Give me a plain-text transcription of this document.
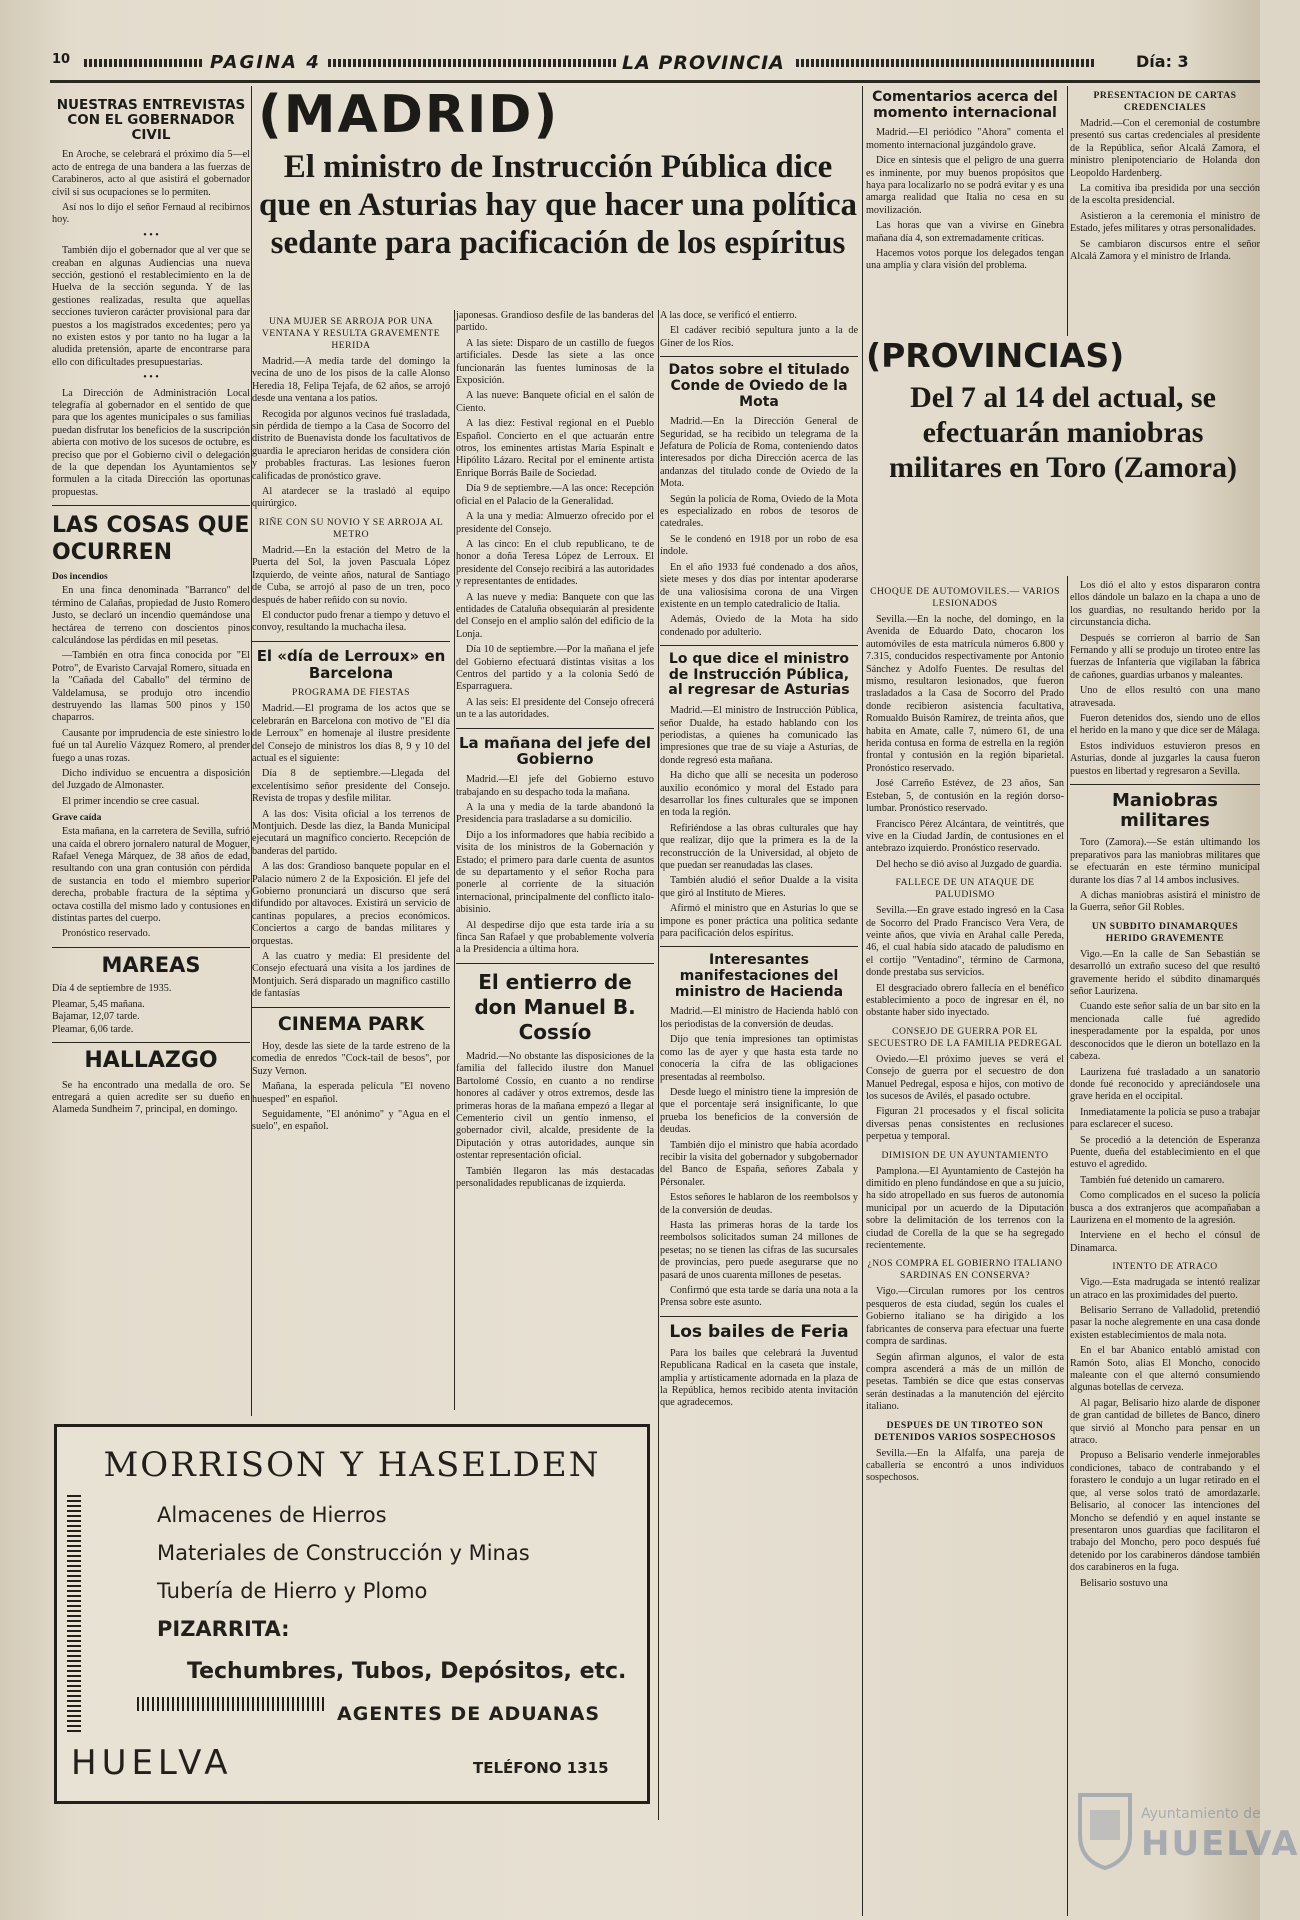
10	PAGINA 4	LA PROVINCIA	Día: 3
NUESTRAS ENTREVISTAS CON EL GOBERNADOR CIVIL

En Aroche, se celebrará el próximo día 5—el acto de entrega de una bandera a las fuerzas de Carabineros, acto al que asistirá el gobernador civil si sus ocupaciones se lo permiten.

Así nos lo dijo el señor Fernaud al recibirnos hoy.

• • •

También dijo el gobernador que al ver que se creaban en algunas Audiencias una nueva sección, gestionó el restablecimiento en la de Huelva de la sección segunda. Y de las gestiones realizadas, resulta que aquellas secciones tuvieron carácter provisional para dar puestos a los magistrados excedentes; pero ya no existen estos y por tanto no ha lugar a la aludida pretensión, aparte de encontrarse para ello con dificultades presupuestarias.

• • •

La Dirección de Administración Local telegrafía al gobernador en el sentido de que para que los agentes municipales o sus familias puedan disfrutar los beneficios de la suscripción abierta con motivo de los sucesos de octubre, es preciso que por el Gobierno civil o delegación de la que dependan los Ayuntamientos se formulen a la citada Dirección las oportunas propuestas.

LAS COSAS QUE OCURREN
Dos incendios

En una finca denominada "Barranco" del término de Calañas, propiedad de Justo Romero Justo, se declaró un incendio quemándose una hectárea de terreno con doscientos pinos calculándose las pérdidas en mil pesetas.

—También en otra finca conocida por "El Potro", de Evaristo Carvajal Romero, situada en la "Cañada del Caballo" del término de Valdelamusa, se produjo otro incendio destruyendo las llamas 500 pinos y 150 chaparros.

Causante por imprudencia de este siniestro lo fué un tal Aurelio Vázquez Romero, al prender fuego a unas rozas.

Dicho individuo se encuentra a disposición del Juzgado de Almonaster.

El primer incendio se cree casual.

Grave caída

Esta mañana, en la carretera de Sevilla, sufrió una caída el obrero jornalero natural de Moguer, Rafael Venega Márquez, de 38 años de edad, resultando con una gran contusión con pérdida de sustancia en todo el miembro superior derecha, probable fractura de la séptima y octava costilla del mismo lado y contusiones en distintas partes del cuerpo.

Pronóstico reservado.

MAREAS

Día 4 de septiembre de 1935.

Pleamar, 5,45 mañana.

Bajamar, 12,07 tarde.

Pleamar, 6,06 tarde.

HALLAZGO

Se ha encontrado una medalla de oro. Se entregará a quien acredite ser su dueño en Alameda Sundheim 7, principal, en domingo.

(MADRID)
El ministro de Instrucción Pública dice que en Asturias hay que hacer una política sedante para pacificación de los espíritus
UNA MUJER SE ARROJA POR UNA VENTANA Y RESULTA GRAVEMENTE HERIDA

Madrid.—A media tarde del domingo la vecina de uno de los pisos de la calle Alonso Heredia 18, Felipa Tejafa, de 62 años, se arrojó desde una ventana a los patios.

Recogida por algunos vecinos fué trasladada, sin pérdida de tiempo a la Casa de Socorro del distrito de Buenavista donde los facultativos de guardia le apreciaron heridas de considera ción y probables fracturas. Las lesiones fueron calificadas de pronóstico grave.

Al atardecer se la trasladó al equipo quirúrgico.

RIÑE CON SU NOVIO Y SE ARROJA AL METRO

Madrid.—En la estación del Metro de la Puerta del Sol, la joven Pascuala López Izquierdo, de veinte años, natural de Santiago de Cuba, se arrojó al paso de un tren, poco después de haber reñido con su novio.

El conductor pudo frenar a tiempo y detuvo el convoy, resultando la muchacha ilesa.

El «día de Lerroux» en Barcelona
PROGRAMA DE FIESTAS

Madrid.—El programa de los actos que se celebrarán en Barcelona con motivo de "El día de Lerroux" en homenaje al ilustre presidente del Consejo de ministros los días 8, 9 y 10 del actual es el siguiente:

Día 8 de septiembre.—Llegada del excelentísimo señor presidente del Consejo. Revista de tropas y desfile militar.

A las dos: Visita oficial a los terrenos de Montjuich. Desde las diez, la Banda Municipal ejecutará un magnífico concierto. Recepción de banderas del partido.

A las dos: Grandioso banquete popular en el Palacio número 2 de la Exposición. El jefe del Gobierno pronunciará un discurso que será difundido por altavoces. Existirá un servicio de cantinas populares, a precios económicos. Conciertos a cargo de bandas militares y orquestas.

A las cuatro y media: El presidente del Consejo efectuará una visita a los jardines de Montjuich. Será disparado un magnífico castillo de fantasías

CINEMA PARK

Hoy, desde las siete de la tarde estreno de la comedia de enredos "Cock-tail de besos", por Suzy Vernon.

Mañana, la esperada película "El noveno huesped" en español.

Seguidamente, "El anónimo" y "Agua en el suelo", en español.

japonesas. Grandioso desfile de las banderas del partido.

A las siete: Disparo de un castillo de fuegos artificiales. Desde las siete a las once funcionarán las fuentes luminosas de la Exposición.

A las nueve: Banquete oficial en el salón de Ciento.

A las diez: Festival regional en el Pueblo Español. Concierto en el que actuarán entre otros, los eminentes artistas María Espinalt e Hipólito Lázaro. Recital por el eminente artista Enrique Borrás Baile de Sociedad.

Día 9 de septiembre.—A las once: Recepción oficial en el Palacio de la Generalidad.

A la una y media: Almuerzo ofrecido por el presidente del Consejo.

A las cinco: En el club republicano, te de honor a doña Teresa López de Lerroux. El presidente del Consejo recibirá a las autoridades y representantes de entidades.

A las nueve y media: Banquete con que las entidades de Cataluña obsequiarán al presidente del Consejo en el amplio salón del edificio de la Lonja.

Día 10 de septiembre.—Por la mañana el jefe del Gobierno efectuará distintas visitas a los Centros del partido y a la colonia Sedó de Esparraguera.

A las seis: El presidente del Consejo ofrecerá un te a las autoridades.

La mañana del jefe del Gobierno

Madrid.—El jefe del Gobierno estuvo trabajando en su despacho toda la mañana.

A la una y media de la tarde abandonó la Presidencia para trasladarse a su domicilio.

Dijo a los informadores que había recibido a visita de los ministros de la Gobernación y Estado; el primero para darle cuenta de asuntos de su departamento y el señor Rocha para ponerle al corriente de la situación internacional, principalmente del conflicto italo-abisinio.

Al despedirse dijo que esta tarde iría a su finca San Rafael y que probablemente volvería a la Presidencia a última hora.

El entierro de don Manuel B. Cossío

Madrid.—No obstante las disposiciones de la familia del fallecido ilustre don Manuel Bartolomé Cossío, en cuanto a no rendirse honores al cadáver y otros extremos, desde las primeras horas de la mañana empezó a llegar al Cementerio civil un gentío inmenso, el gobernador civil, alcalde, presidente de la Diputación y otras autoridades, aunque sin ostentar representación oficial.

También llegaron las más destacadas personalidades republicanas de izquierda.

A las doce, se verificó el entierro.

El cadáver recibió sepultura junto a la de Giner de los Ríos.

Datos sobre el titulado Conde de Oviedo de la Mota

Madrid.—En la Dirección General de Seguridad, se ha recibido un telegrama de la Jefatura de Policía de Roma, conteniendo datos interesados por dicha Dirección acerca de las andanzas del titulado conde de Oviedo de la Mota.

Según la policía de Roma, Oviedo de la Mota es especializado en robos de tesoros de catedrales.

Se le condenó en 1918 por un robo de esa índole.

En el año 1933 fué condenado a dos años, siete meses y dos días por intentar apoderarse de una valiosísima corona de una Virgen existente en un templo catedralicio de Italia.

Además, Oviedo de la Mota ha sido condenado por adulterio.

Lo que dice el ministro de Instrucción Pública, al regresar de Asturias

Madrid.—El ministro de Instrucción Pública, señor Dualde, ha estado hablando con los periodistas, a quienes ha comunicado las impresiones que trae de su viaje a Asturias, de donde regresó esta mañana.

Ha dicho que allí se necesita un poderoso auxilio económico y moral del Estado para desarrollar los fines culturales que se imponen en toda la región.

Refiriéndose a las obras culturales que hay que realizar, dijo que la primera es la de la reconstrucción de la Universidad, al objeto de que puedan ser reanudadas las clases.

También aludió el señor Dualde a la visita que giró al Instituto de Mieres.

Afirmó el ministro que en Asturias lo que se impone es poner práctica una política sedante para pacificación delos espíritus.

Interesantes manifestaciones del ministro de Hacienda

Madrid.—El ministro de Hacienda habló con los periodistas de la conversión de deudas.

Dijo que tenía impresiones tan optimistas como las de ayer y que hasta esta tarde no conocería la cifra de las obligaciones presentadas al reembolso.

Desde luego el ministro tiene la impresión de que el porcentaje será insignificante, lo que prueba los beneficios de la conversión de deudas.

También dijo el ministro que había acordado recibir la visita del gobernador y subgobernador del Banco de España, señores Zabala y Pérsonaler.

Estos señores le hablaron de los reembolsos y de la conversión de deudas.

Hasta las primeras horas de la tarde los reembolsos solicitados suman 24 millones de pesetas; no se tienen las cifras de las sucursales de provincias, pero puede asegurarse que no pasará de unos cuarenta millones de pesetas.

Confirmó que esta tarde se daría una nota a la Prensa sobre este asunto.

Los bailes de Feria

Para los bailes que celebrará la Juventud Republicana Radical en la caseta que instale, amplia y artísticamente adornada en la plaza de la República, hemos recibido atenta invitación que agradecemos.

Comentarios acerca del momento internacional

Madrid.—El periódico "Ahora" comenta el momento internacional juzgándolo grave.

Dice en síntesis que el peligro de una guerra es inminente, por muy buenos propósitos que haya para localizarlo no se podrá evitar y es una amarga realidad que Italia no cesa en su movilización.

Las horas que van a vivirse en Ginebra mañana día 4, son extremadamente críticas.

Hacemos votos porque los delegados tengan una amplia y clara visión del problema.

(PROVINCIAS)
Del 7 al 14 del actual, se efectuarán maniobras militares en Toro (Zamora)
CHOQUE DE AUTOMOVILES.— VARIOS LESIONADOS

Sevilla.—En la noche, del domingo, en la Avenida de Eduardo Dato, chocaron los automóviles de esta matrícula números 6.800 y 7.315, conducidos respectivamente por Antonio Sánchez y Adolfo Fuentes. De resultas del mismo, resultaron lesionados, que fueron trasladados a la Casa de Socorro del Prado donde recibieron asistencia facultativa, Romualdo Buisón Ramírez, de treinta años, que habita en Amate, calle 7, número 61, de una herida contusa en forma de estrella en la región frontal y contusión en la región biparietal. Pronóstico reservado.

José Carreño Estévez, de 23 años, San Esteban, 5, de contusión en la región dorso-lumbar. Pronóstico reservado.

Francisco Pérez Alcántara, de veintitrés, que vive en la Ciudad Jardín, de contusiones en el antebrazo izquierdo. Pronóstico reservado.

Del hecho se dió aviso al Juzgado de guardia.

FALLECE DE UN ATAQUE DE PALUDISMO

Sevilla.—En grave estado ingresó en la Casa de Socorro del Prado Francisco Vera Vera, de veinte años, que vivía en Arahal calle Pereda, 46, el cual había sido atacado de paludismo en el cortijo "Ventadino", término de Carmona, donde prestaba sus servicios.

El desgraciado obrero fallecía en el benéfico establecimiento a poco de ingresar en él, no obstante haber sido inyectado.

CONSEJO DE GUERRA POR EL SECUESTRO DE LA FAMILIA PEDREGAL

Oviedo.—El próximo jueves se verá el Consejo de guerra por el secuestro de don Manuel Pedregal, esposa e hijos, con motivo de los sucesos de Avilés, el pasado octubre.

Figuran 21 procesados y el fiscal solicita diversas penas consistentes en reclusiones perpetua y temporal.

DIMISION DE UN AYUNTAMIENTO

Pamplona.—El Ayuntamiento de Castejón ha dimitido en pleno fundándose en que a su juicio, ha sido atropellado en sus fueros de autonomía municipal por un acuerdo de la Diputación sobre la delimitación de los terrenos con la ciudad de Corella de la que se ha segregado recientemente.

¿NOS COMPRA EL GOBIERNO ITALIANO SARDINAS EN CONSERVA?

Vigo.—Circulan rumores por los centros pesqueros de esta ciudad, según los cuales el Gobierno italiano se ha dirigido a los fabricantes de conserva para efectuar una fuerte compra de sardinas.

Según afirman algunos, el valor de esta compra ascenderá a más de un millón de pesetas. También se dice que estas conservas serán destinadas a la manutención del ejército italiano.

DESPUES DE UN TIROTEO SON DETENIDOS VARIOS SOSPECHOSOS

Sevilla.—En la Alfalfa, una pareja de caballería se encontró a unos individuos sospechosos.

PRESENTACION DE CARTAS CREDENCIALES

Madrid.—Con el ceremonial de costumbre presentó sus cartas credenciales al presidente de la República, señor Alcalá Zamora, el ministro plenipotenciario de Holanda don Leopoldo Hardenberg.

La comitiva iba presidida por una sección de la escolta presidencial.

Asistieron a la ceremonia el ministro de Estado, jefes militares y otras personalidades.

Se cambiaron discursos entre el señor Alcalá Zamora y el ministro de Irlanda.

Los dió el alto y estos dispararon contra ellos dándole un balazo en la chapa a uno de los guardias, no resultando herido por la circunstancia dicha.

Después se corrieron al barrio de San Fernando y allí se produjo un tiroteo entre las fuerzas de Infantería que vigilaban la fábrica de cañones, guardias urbanos y maleantes.

Uno de ellos resultó con una mano atravesada.

Fueron detenidos dos, siendo uno de ellos el herido en la mano y que dice ser de Málaga.

Estos individuos estuvieron presos en Asturias, donde al juzgarles la causa fueron puestos en libertad y regresaron a Sevilla.

Maniobras militares

Toro (Zamora).—Se están ultimando los preparativos para las maniobras militares que se efectuarán en este término municipal durante los días 7 al 14 ambos inclusives.

A dichas maniobras asistirá el ministro de la Guerra, señor Gil Robles.

UN SUBDITO DINAMARQUES HERIDO GRAVEMENTE

Vigo.—En la calle de San Sebastián se desarrolló un extraño suceso del que resultó gravemente herido el súbdito dinamarqués señor Laurizena.

Cuando este señor salía de un bar sito en la mencionada calle fué agredido inesperadamente por la espalda, por unos desconocidos que le dieron un botellazo en la cabeza.

Laurizena fué trasladado a un sanatorio donde fué reconocido y apreciándosele una grave herida en el occipital.

Inmediatamente la policía se puso a trabajar para esclarecer el suceso.

Se procedió a la detención de Esperanza Puente, dueña del establecimiento en el que estuvo el agredido.

También fué detenido un camarero.

Como complicados en el suceso la policía busca a dos extranjeros que acompañaban a Laurizena en el momento de la agresión.

Interviene en el hecho el cónsul de Dinamarca.

INTENTO DE ATRACO

Vigo.—Esta madrugada se intentó realizar un atraco en las proximidades del puerto.

Belisario Serrano de Valladolid, pretendió pasar la noche alegremente en una casa donde existen establecimientos de mala nota.

En el bar Abanico entabló amistad con Ramón Soto, alias El Moncho, conocido maleante con el que alternó consumiendo algunas botellas de cerveza.

Al pagar, Belisario hizo alarde de disponer de gran cantidad de billetes de Banco, dinero que sirvió al Moncho para pensar en un atraco.

Propuso a Belisario venderle inmejorables condiciones, tabaco de contrabando y el forastero le condujo a un lugar retirado en el que, al verse solos trató de amordazarle. Belisario, al conocer las intenciones del Moncho se defendió y en aquel instante se presentaron unos guardias que facilitaron el trabajo del Moncho, pero poco después fué detenido por los carabineros dándose también dos carabineros en la fuga.

Belisario sostuvo una

MORRISON Y HASELDEN
Almacenes de Hierros
Materiales de Construcción y Minas
Tubería de Hierro y Plomo
PIZARRITA:
Techumbres, Tubos, Depósitos, etc.
AGENTES DE ADUANAS
HUELVA	TELÉFONO 1315
Ayuntamiento de
HUELVA
